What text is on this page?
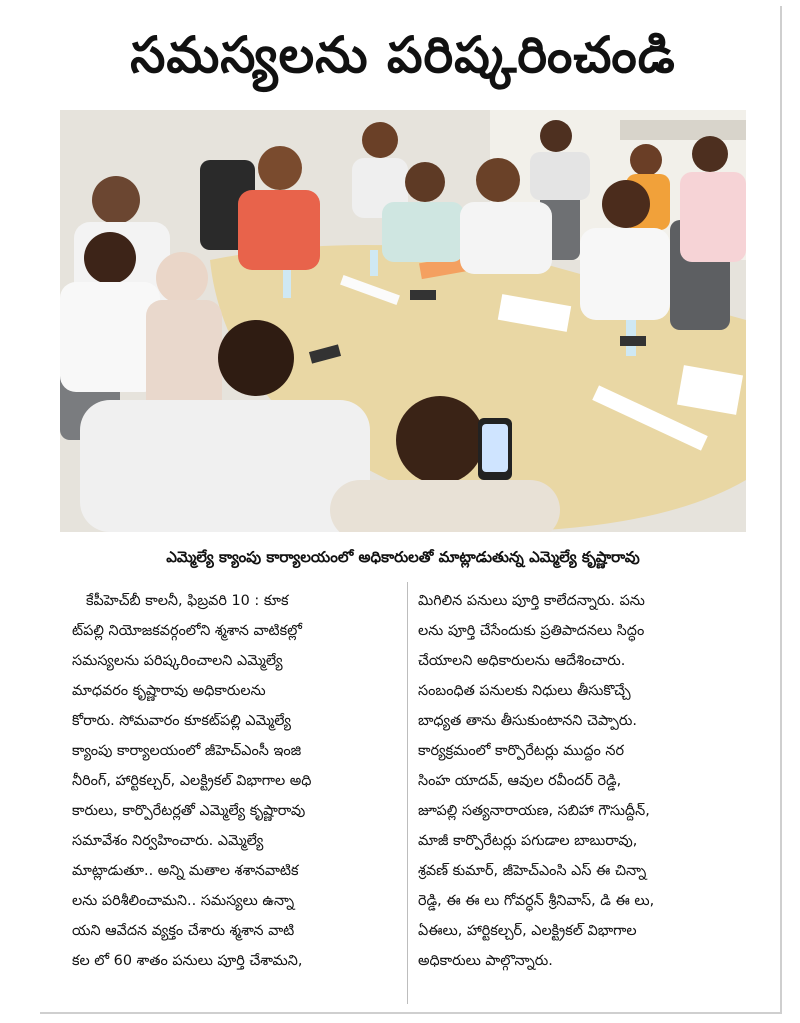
సమస్యలను పరిష్కరించండి
ఎమ్మెల్యే క్యాంపు కార్యాలయంలో అధికారులతో మాట్లాడుతున్న ఎమ్మెల్యే కృష్ణారావు
కేపీహెచ్‌బీ కాలనీ, ఫిబ్రవరి 10 : కూక
ట్‌పల్లి నియోజకవర్గంలోని శ్మశాన వాటికల్లో
సమస్యలను పరిష్కరించాలని ఎమ్మెల్యే
మాధవరం కృష్ణారావు అధికారులను
కోరారు. సోమవారం కూకట్‌పల్లి ఎమ్మెల్యే
క్యాంపు కార్యాలయంలో జీహెచ్‌ఎంసీ ఇంజి
నీరింగ్, హార్టికల్చర్, ఎలక్ట్రికల్ విభాగాల అధి
కారులు, కార్పొరేటర్లతో ఎమ్మెల్యే కృష్ణారావు
సమావేశం నిర్వహించారు. ఎమ్మెల్యే
మాట్లాడుతూ.. అన్ని మతాల శశానవాటిక
లను పరిశీలించామని.. సమస్యలు ఉన్నా
యని ఆవేదన వ్యక్తం చేశారు శ్మశాన వాటి
కల లో 60 శాతం పనులు పూర్తి చేశామని,
మిగిలిన పనులు పూర్తి కాలేదన్నారు. పను
లను పూర్తి చేసేందుకు ప్రతిపాదనలు సిద్ధం
చేయాలని అధికారులను ఆదేశించారు.
సంబంధిత పనులకు నిధులు తీసుకొచ్చే
బాధ్యత తాను తీసుకుంటానని చెప్పారు.
కార్యక్రమంలో కార్పొరేటర్లు ముద్దం నర
సింహ యాదవ్, ఆవుల రవీందర్ రెడ్డి,
జూపల్లి సత్యనారాయణ, సబిహా గౌసుద్దీన్,
మాజీ కార్పొరేటర్లు పగుడాల బాబురావు,
శ్రవణ్ కుమార్, జీహెచ్‌ఎంసి ఎస్ ఈ చిన్నా
రెడ్డి, ఈ ఈ లు గోవర్ధన్ శ్రీనివాస్, డి ఈ లు,
ఏఈలు, హార్టికల్చర్, ఎలక్ట్రికల్ విభాగాల
అధికారులు పాల్గొన్నారు.
